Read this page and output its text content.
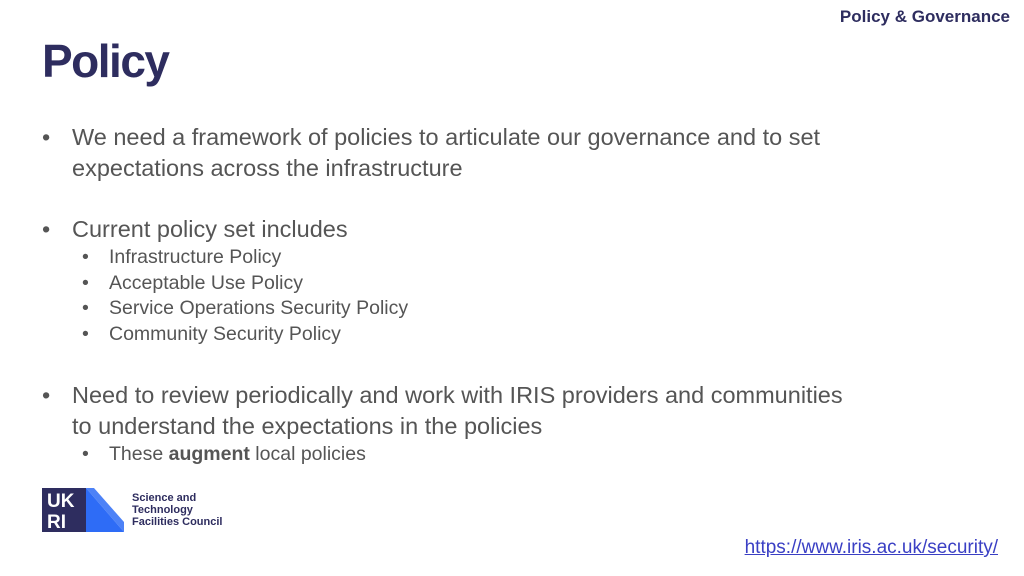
Policy & Governance
Policy
• We need a framework of policies to articulate our governance and to set expectations across the infrastructure
• Current policy set includes
• Infrastructure Policy
• Acceptable Use Policy
• Service Operations Security Policy
• Community Security Policy
• Need to review periodically and work with IRIS providers and communities to understand the expectations in the policies
• These augment local policies
UK
RI
Science and
Technology
Facilities Council
https://www.iris.ac.uk/security/
